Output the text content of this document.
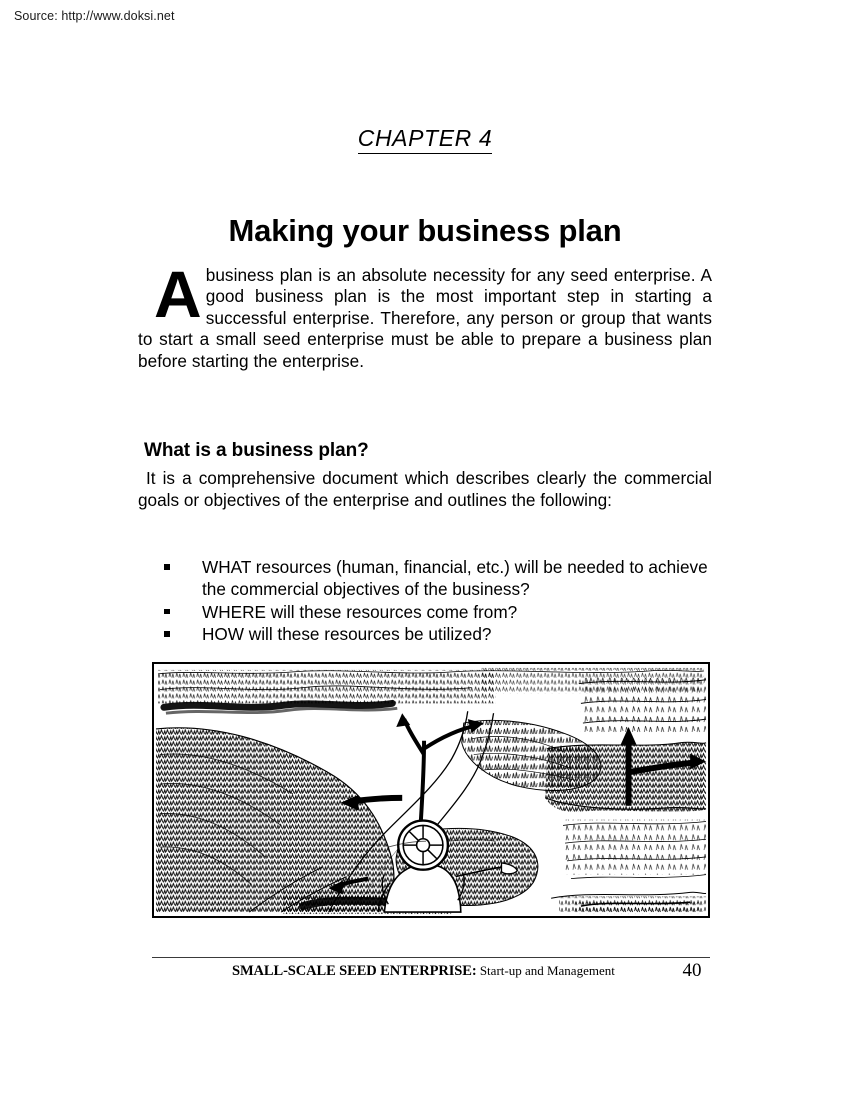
Source: http://www.doksi.net
CHAPTER 4
Making your business plan

A business plan is an absolute necessity for any seed enterprise. A good business plan is the most important step in starting a successful enterprise. Therefore, any person or group that wants to start a small seed enterprise must be able to prepare a business plan before starting the enterprise.

What is a business plan?

It is a comprehensive document which describes clearly the commercial goals or objectives of the enterprise and outlines the following:

WHAT resources (human, financial, etc.) will be needed to achieve the commercial objectives of the business?
WHERE will these resources come from?
HOW will these resources be utilized?
SMALL-SCALE SEED ENTERPRISE: Start-up and Management	40
